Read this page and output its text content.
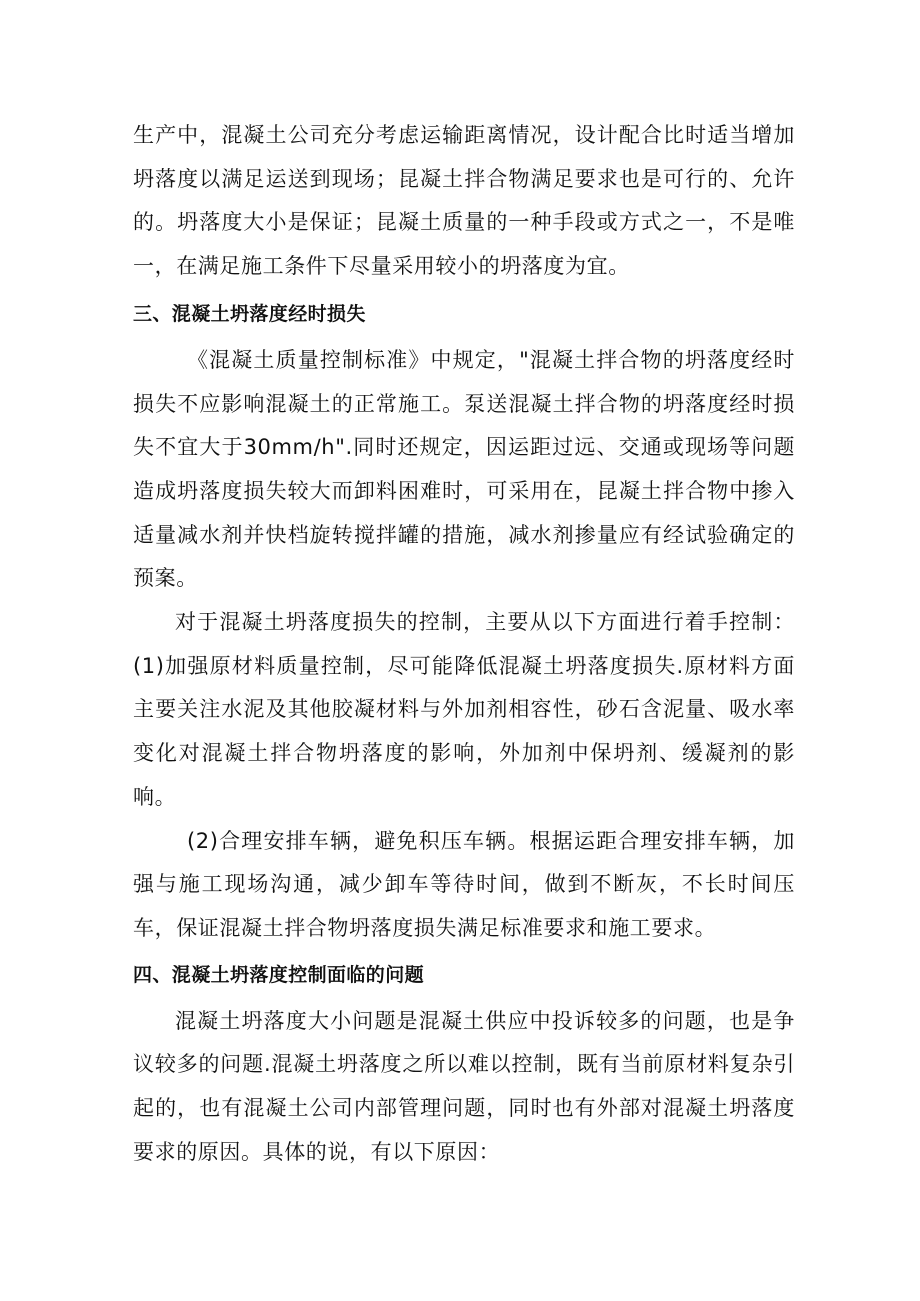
生产中，混凝土公司充分考虑运输距离情况，设计配合比时适当增加坍落度以满足运送到现场；昆凝土拌合物满足要求也是可行的、允许的。坍落度大小是保证；昆凝土质量的一种手段或方式之一，不是唯一，在满足施工条件下尽量采用较小的坍落度为宜。

三、混凝土坍落度经时损失

《混凝土质量控制标准》中规定，"混凝土拌合物的坍落度经时损失不应影响混凝土的正常施工。泵送混凝土拌合物的坍落度经时损失不宜大于30mm∕h".同时还规定，因运距过远、交通或现场等问题造成坍落度损失较大而卸料困难时，可采用在，昆凝土拌合物中掺入适量减水剂并快档旋转搅拌罐的措施，减水剂掺量应有经试验确定的预案。

对于混凝土坍落度损失的控制，主要从以下方面进行着手控制：(1)加强原材料质量控制，尽可能降低混凝土坍落度损失.原材料方面主要关注水泥及其他胶凝材料与外加剂相容性，砂石含泥量、吸水率变化对混凝土拌合物坍落度的影响，外加剂中保坍剂、缓凝剂的影响。

(2)合理安排车辆，避免积压车辆。根据运距合理安排车辆，加强与施工现场沟通，减少卸车等待时间，做到不断灰，不长时间压车，保证混凝土拌合物坍落度损失满足标准要求和施工要求。

四、混凝土坍落度控制面临的问题

混凝土坍落度大小问题是混凝土供应中投诉较多的问题，也是争议较多的问题.混凝土坍落度之所以难以控制，既有当前原材料复杂引起的，也有混凝土公司内部管理问题，同时也有外部对混凝土坍落度要求的原因。具体的说，有以下原因：
